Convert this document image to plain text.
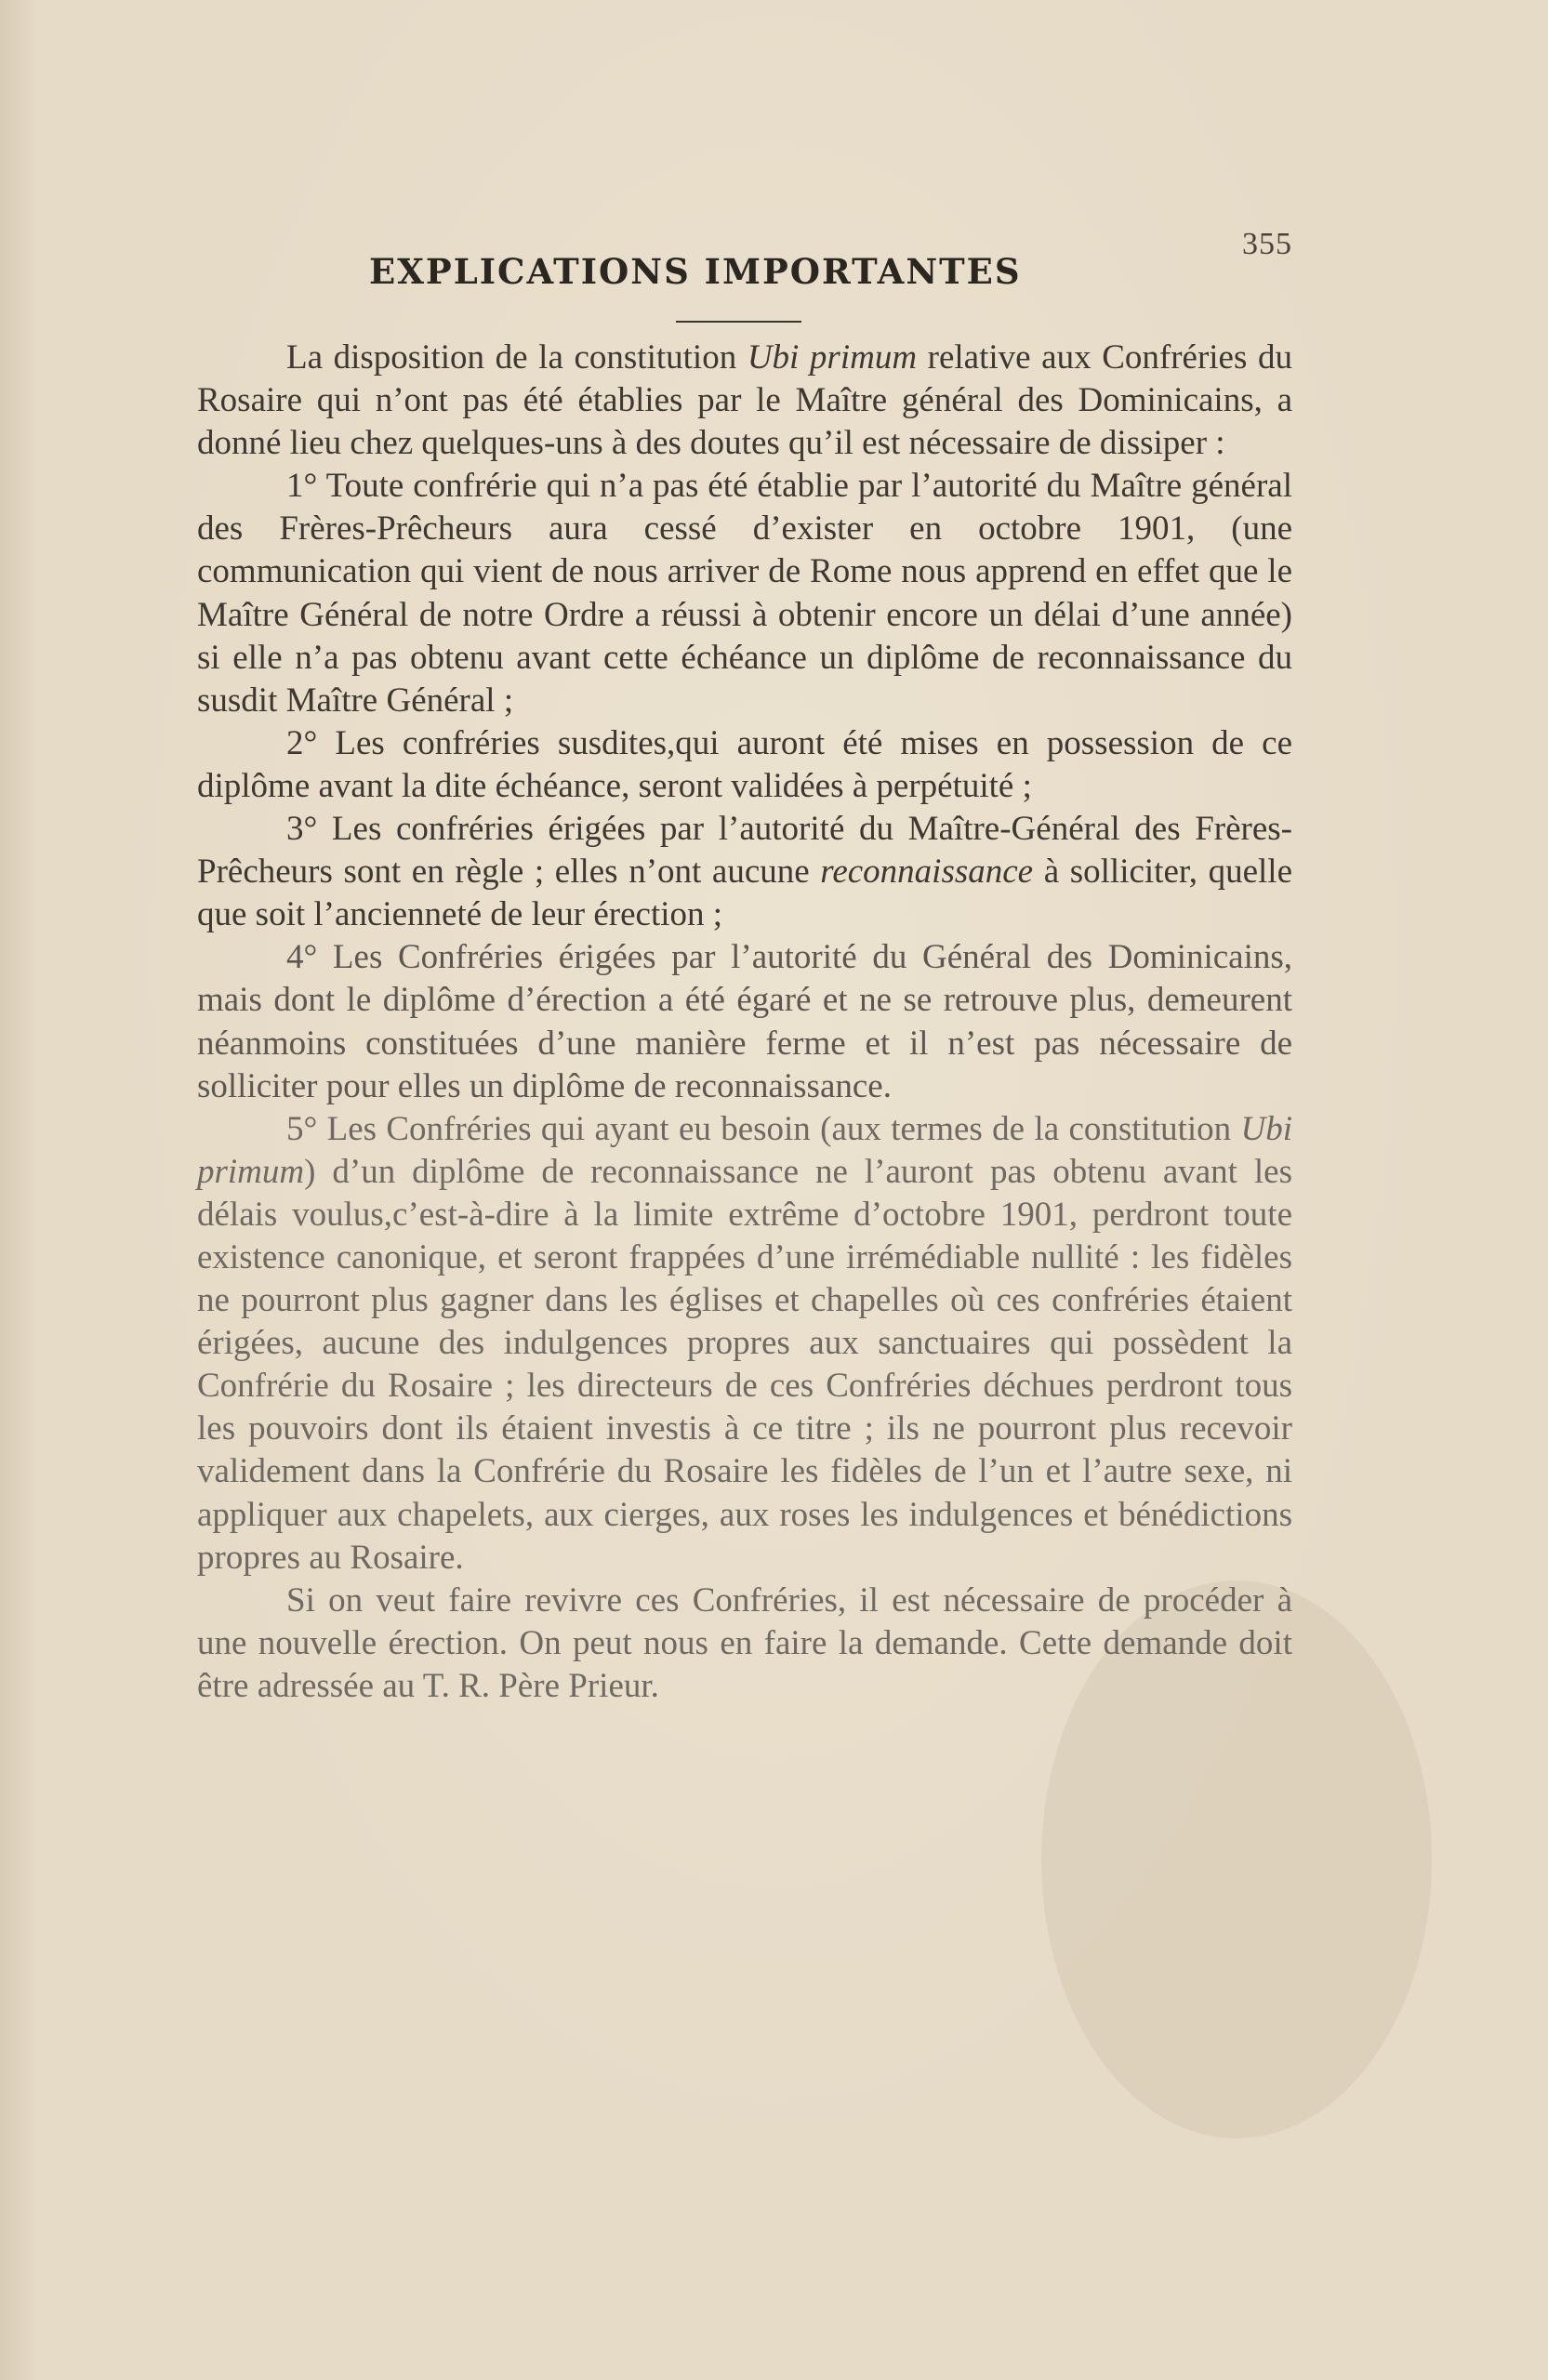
355
EXPLICATIONS IMPORTANTES

La disposition de la constitution Ubi primum relative aux Confréries du Rosaire qui n’ont pas été établies par le Maître général des Dominicains, a donné lieu chez quelques-uns à des doutes qu’il est nécessaire de dissiper :

1° Toute confrérie qui n’a pas été établie par l’autorité du Maître général des Frères-Prêcheurs aura cessé d’exister en octobre 1901, (une communication qui vient de nous arriver de Rome nous apprend en effet que le Maître Général de notre Ordre a réussi à obtenir encore un délai d’une année) si elle n’a pas obtenu avant cette échéance un diplôme de reconnaissance du susdit Maître Général ;

2° Les confréries susdites,qui auront été mises en possession de ce diplôme avant la dite échéance, seront validées à perpétuité ;

3° Les confréries érigées par l’autorité du Maître-Général des Frères-Prêcheurs sont en règle ; elles n’ont aucune reconnaissance à solliciter, quelle que soit l’ancienneté de leur érection ;

4° Les Confréries érigées par l’autorité du Général des Dominicains, mais dont le diplôme d’érection a été égaré et ne se retrouve plus, demeurent néanmoins constituées d’une manière ferme et il n’est pas nécessaire de solliciter pour elles un diplôme de reconnaissance.

5° Les Confréries qui ayant eu besoin (aux termes de la constitution Ubi primum) d’un diplôme de reconnaissance ne l’auront pas obtenu avant les délais voulus,c’est-à-dire à la limite extrême d’octobre 1901, perdront toute existence canonique, et seront frappées d’une irrémédiable nullité : les fidèles ne pourront plus gagner dans les églises et chapelles où ces confréries étaient érigées, aucune des indulgences propres aux sanctuaires qui possèdent la Confrérie du Rosaire ; les directeurs de ces Confréries déchues perdront tous les pouvoirs dont ils étaient investis à ce titre ; ils ne pourront plus recevoir validement dans la Confrérie du Rosaire les fidèles de l’un et l’autre sexe, ni appliquer aux chapelets, aux cierges, aux roses les indulgences et bénédictions propres au Rosaire.

Si on veut faire revivre ces Confréries, il est nécessaire de procéder à une nouvelle érection. On peut nous en faire la demande. Cette demande doit être adressée au T. R. Père Prieur.
